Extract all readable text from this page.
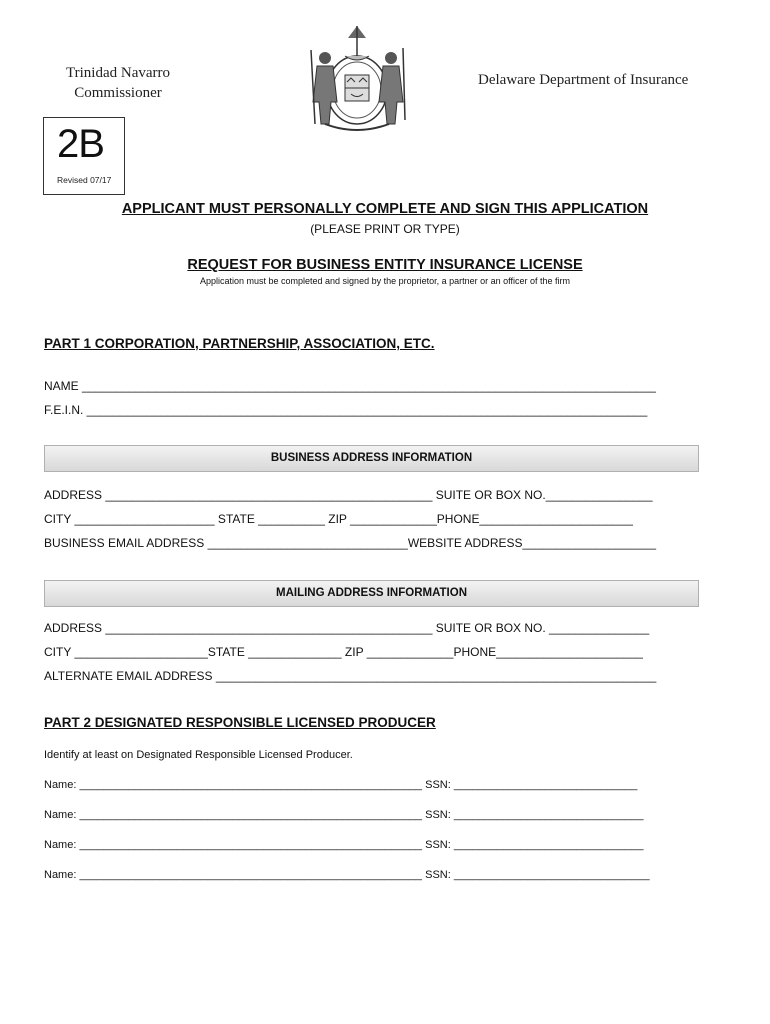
Trinidad Navarro
Commissioner
Delaware Department of Insurance
2B
Revised 07/17
APPLICANT MUST PERSONALLY COMPLETE AND SIGN THIS APPLICATION
(PLEASE PRINT OR TYPE)
REQUEST FOR BUSINESS ENTITY INSURANCE LICENSE
Application must be completed and signed by the proprietor, a partner or an officer of the firm
PART 1 CORPORATION, PARTNERSHIP, ASSOCIATION, ETC.
NAME ______________________________________________________________________________________
F.E.I.N. ____________________________________________________________________________________
BUSINESS ADDRESS INFORMATION
ADDRESS _________________________________________________ SUITE OR BOX NO.________________
CITY _____________________ STATE __________ ZIP _____________PHONE_______________________
BUSINESS EMAIL ADDRESS ______________________________WEBSITE ADDRESS____________________
MAILING ADDRESS INFORMATION
ADDRESS _________________________________________________ SUITE OR BOX NO. _______________
CITY ____________________STATE ______________ ZIP _____________PHONE______________________
ALTERNATE EMAIL ADDRESS __________________________________________________________________
PART 2 DESIGNATED RESPONSIBLE LICENSED PRODUCER
Identify at least on Designated Responsible Licensed Producer.
Name: ________________________________________________________ SSN: ______________________________
Name: ________________________________________________________ SSN: _______________________________
Name: ________________________________________________________ SSN: _______________________________
Name: ________________________________________________________ SSN: ________________________________
